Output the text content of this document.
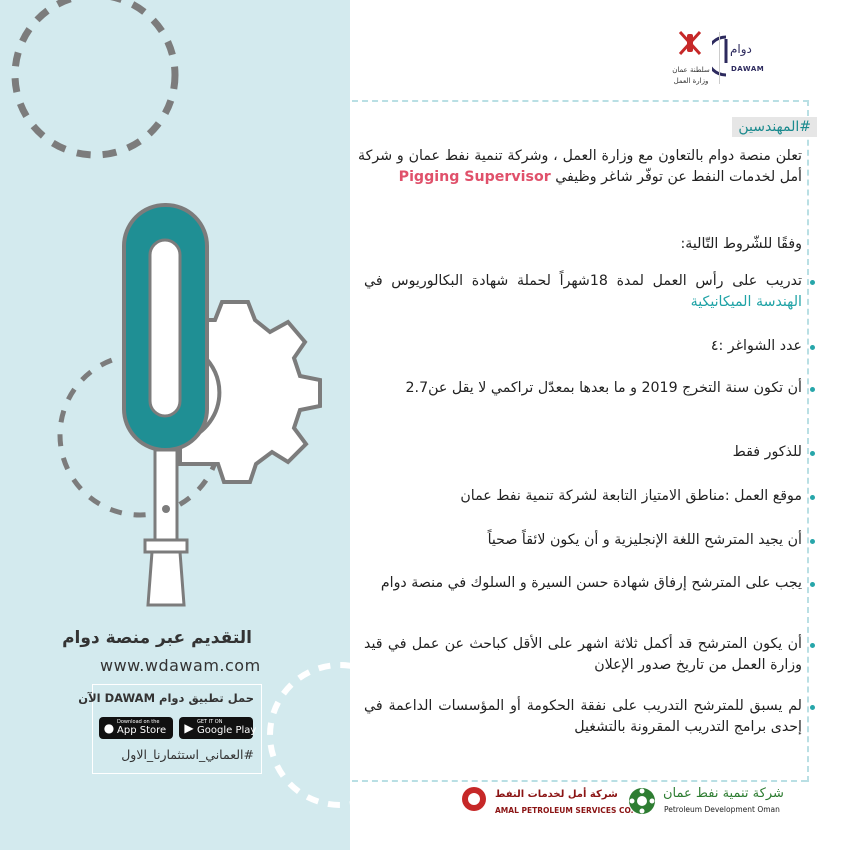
التقديم عبر منصة دوام
www.wdawam.com
حمل تطبيق دوام DAWAM الآن
● Download on the
App Store ▶ GET IT ON
Google Play
#العماني_استثمارنا_الاول
دوام
DAWAM
سلطنة عمان
وزارة العمل
#المهندسين
تعلن منصة دوام بالتعاون مع وزارة العمل ، وشركة تنمية نفط عمان و شركة أمل لخدمات النفط عن توفّر شاغر وظيفي Pigging Supervisor
وفقًا للشّروط التّالية:
تدريب على رأس العمل لمدة 18شهراً لحملة شهادة البكالوريوس في الهندسة الميكانيكية
عدد الشواغر :٤
أن تكون سنة التخرج 2019 و ما بعدها بمعدّل تراكمي لا يقل عن2.7
للذكور فقط
موقع العمل :مناطق الامتياز التابعة لشركة تنمية نفط عمان
أن يجيد المترشح اللغة الإنجليزية و أن يكون لائقاً صحياً
يجب على المترشح إرفاق شهادة حسن السيرة و السلوك في منصة دوام
أن يكون المترشح قد أكمل ثلاثة اشهر على الأقل كباحث عن عمل في قيد وزارة العمل من تاريخ صدور الإعلان
لم يسبق للمترشح التدريب على نفقة الحكومة أو المؤسسات الداعمة في إحدى برامج التدريب المقرونة بالتشغيل
شركة أمل لخدمات النفط
AMAL PETROLEUM SERVICES CO.
شركة تنمية نفط عمان
Petroleum Development Oman
